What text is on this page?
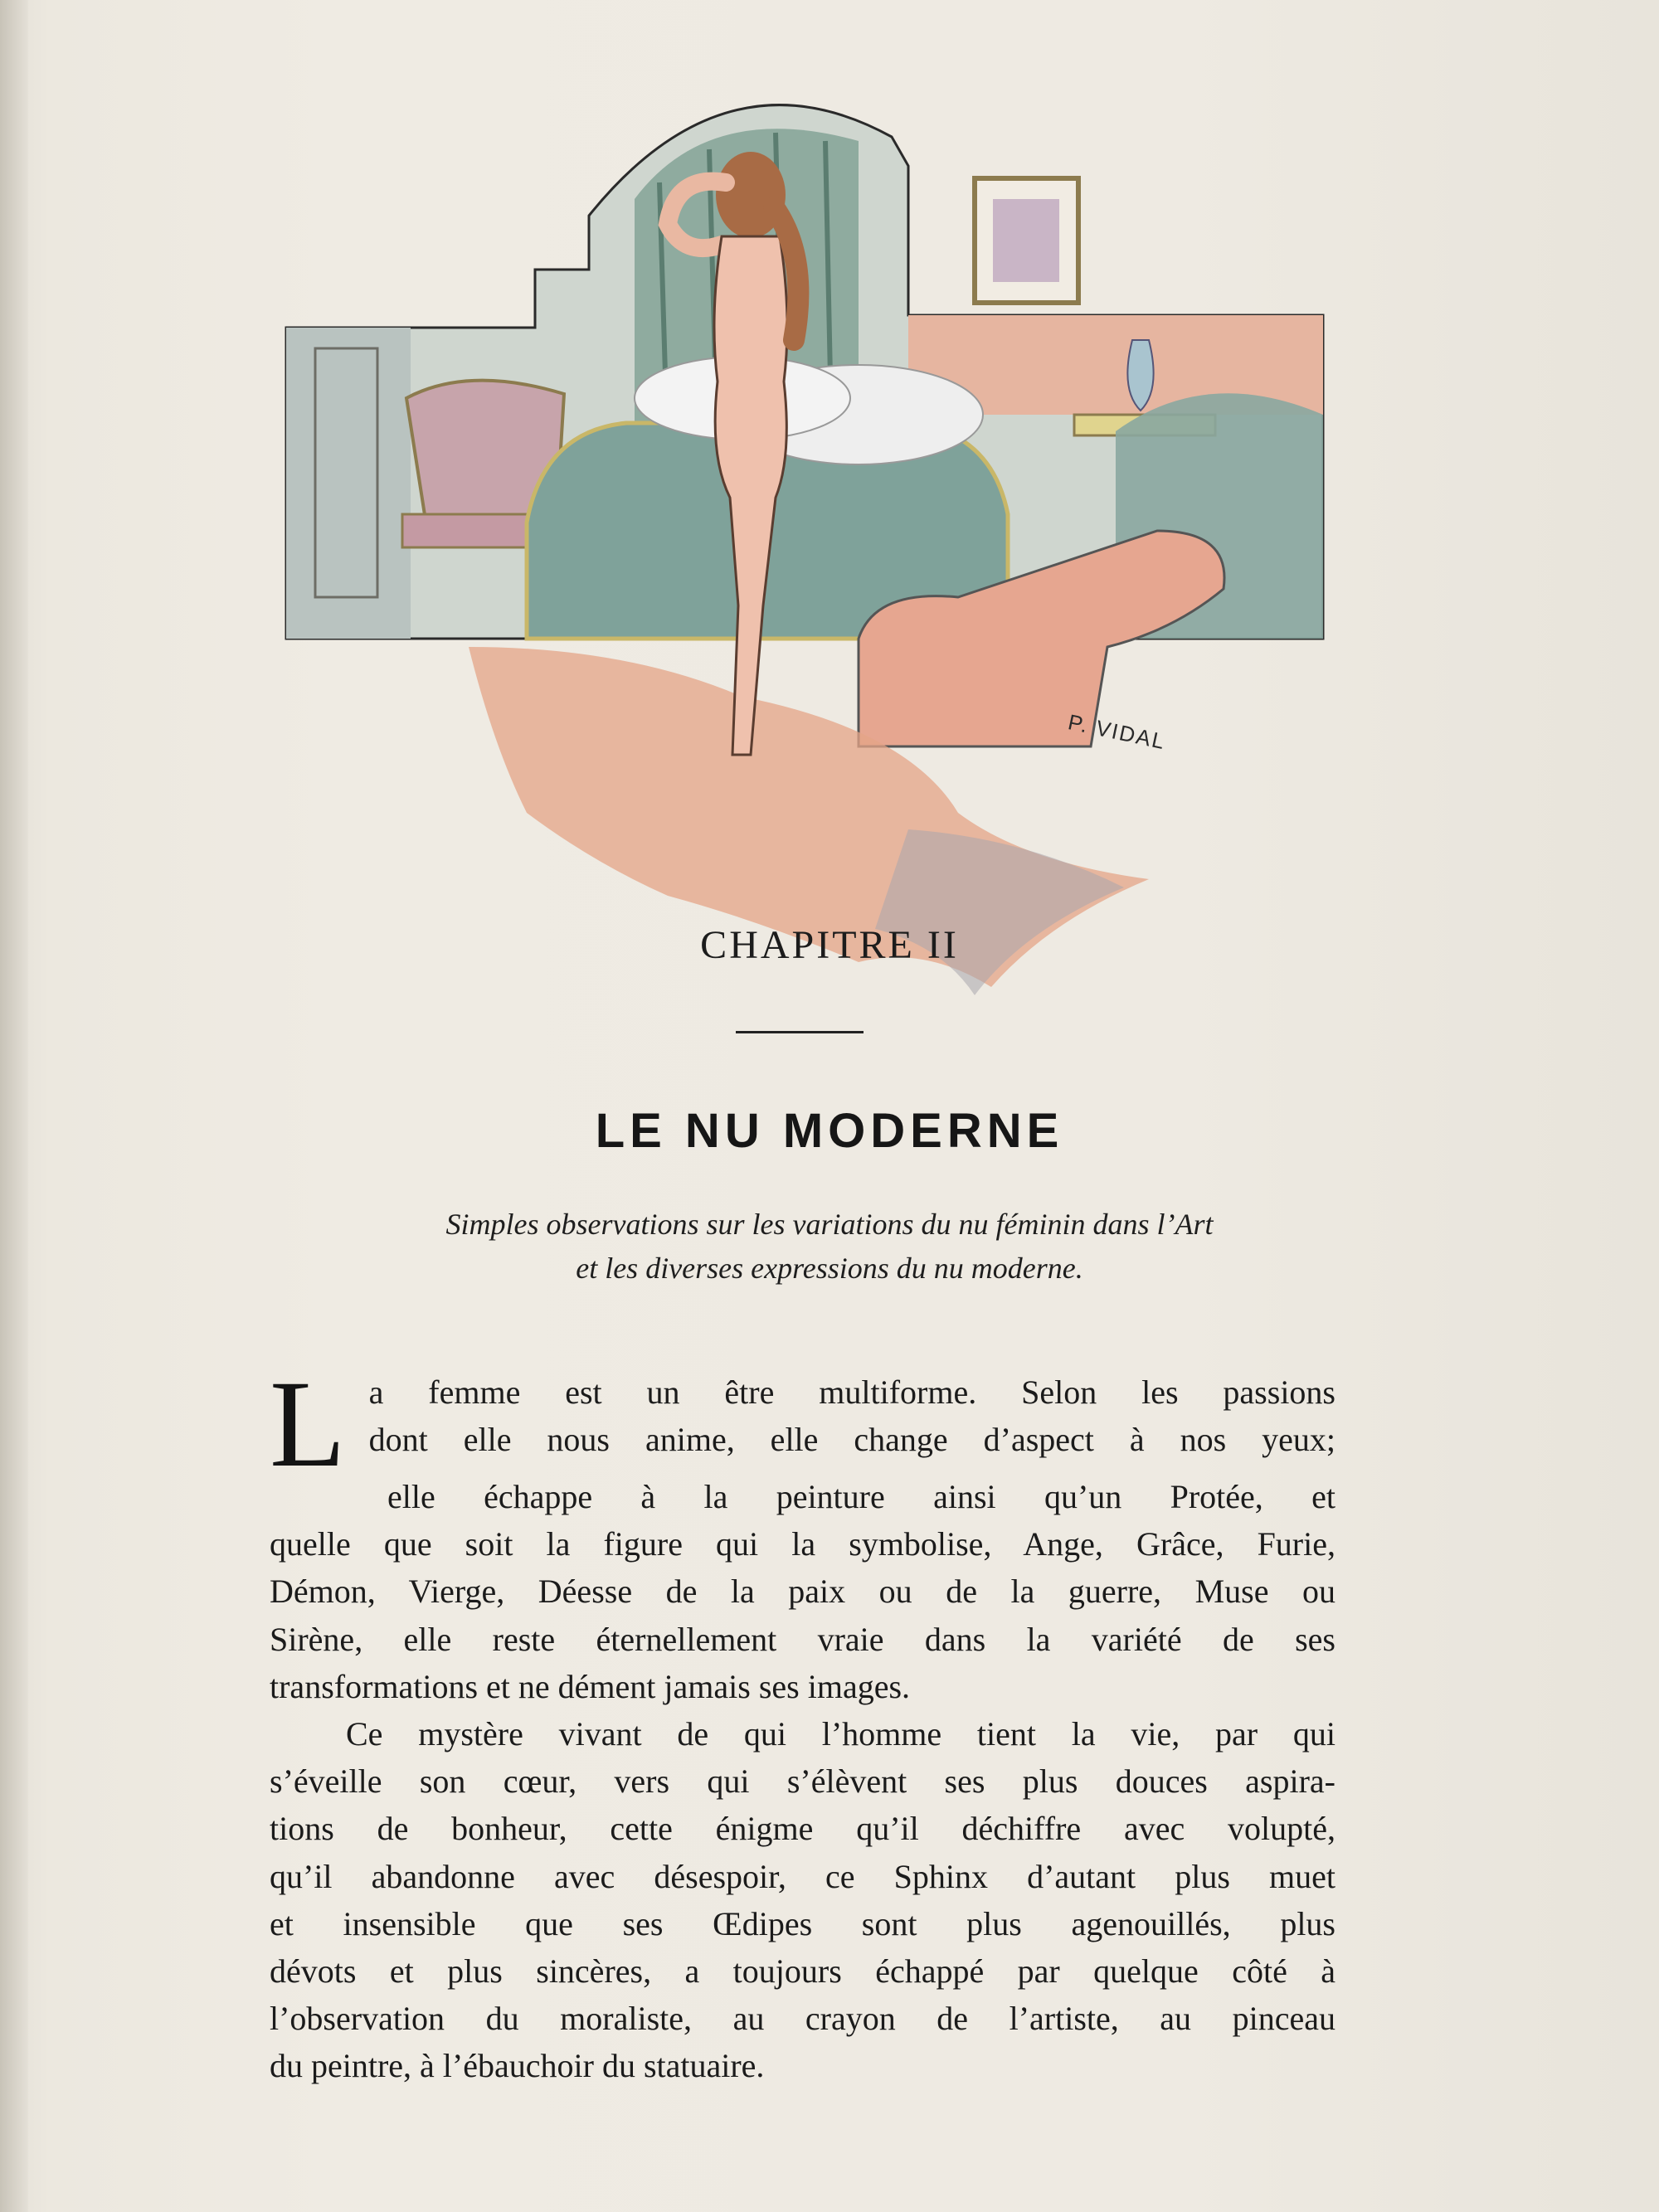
P. VIDAL
CHAPITRE II
LE NU MODERNE
Simples observations sur les variations du nu féminin dans l’Art
et les diverses expressions du nu moderne.
L a femme est un être multiforme. Selon les passions
dont elle nous anime, elle change d’aspect à nos yeux;
elle échappe à la peinture ainsi qu’un Protée, et
quelle que soit la figure qui la symbolise, Ange, Grâce, Furie,
Démon, Vierge, Déesse de la paix ou de la guerre, Muse ou
Sirène, elle reste éternellement vraie dans la variété de ses
transformations et ne dément jamais ses images.
Ce mystère vivant de qui l’homme tient la vie, par qui
s’éveille son cœur, vers qui s’élèvent ses plus douces aspira-
tions de bonheur, cette énigme qu’il déchiffre avec volupté,
qu’il abandonne avec désespoir, ce Sphinx d’autant plus muet
et insensible que ses Œdipes sont plus agenouillés, plus
dévots et plus sincères, a toujours échappé par quelque côté à
l’observation du moraliste, au crayon de l’artiste, au pinceau
du peintre, à l’ébauchoir du statuaire.
